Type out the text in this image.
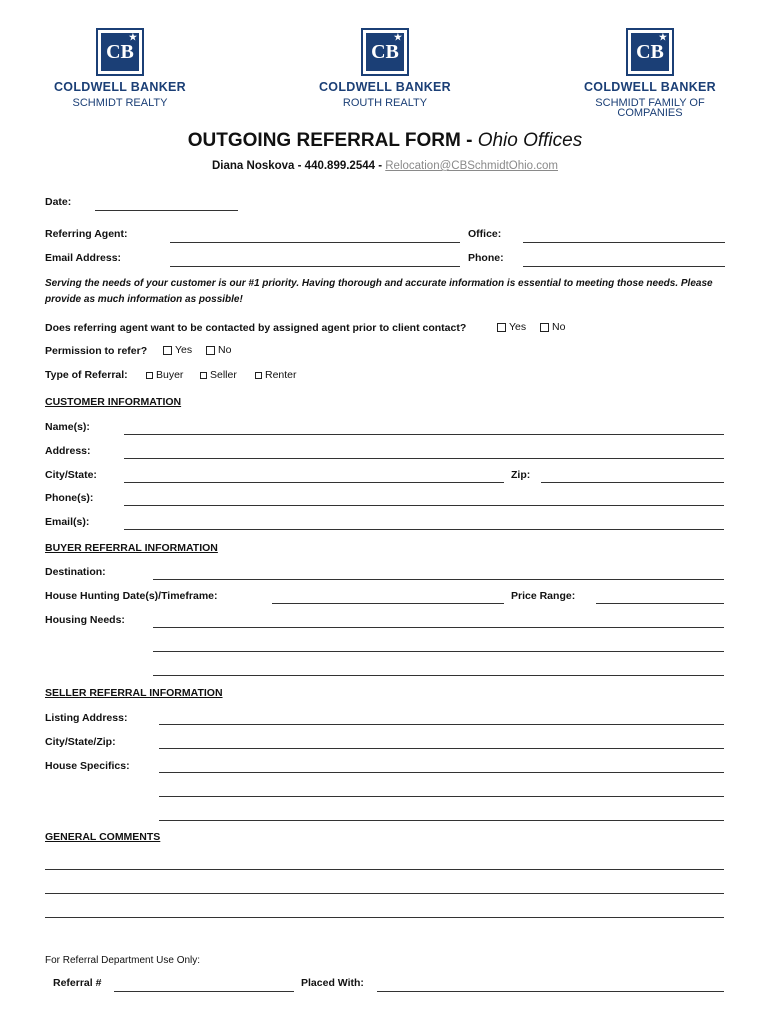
CB
★
COLDWELL BANKER
SCHMIDT REALTY
CB
★
COLDWELL BANKER
ROUTH REALTY
CB
★
COLDWELL BANKER
SCHMIDT FAMILY OF COMPANIES
OUTGOING REFERRAL FORM - Ohio Offices
Diana Noskova - 440.899.2544 - Relocation@CBSchmidtOhio.com
Date:
Referring Agent:	Office:
Email Address:	Phone:
Serving the needs of your customer is our #1 priority. Having thorough and accurate information is essential to meeting those needs. Please provide as much information as possible!
Does referring agent want to be contacted by assigned agent prior to client contact?	Yes	No
Permission to refer?	Yes	No
Type of Referral:	Buyer	Seller	Renter
CUSTOMER INFORMATION
Name(s):
Address:
City/State:	Zip:
Phone(s):
Email(s):
BUYER REFERRAL INFORMATION
Destination:
House Hunting Date(s)/Timeframe:	Price Range:
Housing Needs:
SELLER REFERRAL INFORMATION
Listing Address:
City/State/Zip:
House Specifics:
GENERAL COMMENTS
For Referral Department Use Only:
Referral #	Placed With:
